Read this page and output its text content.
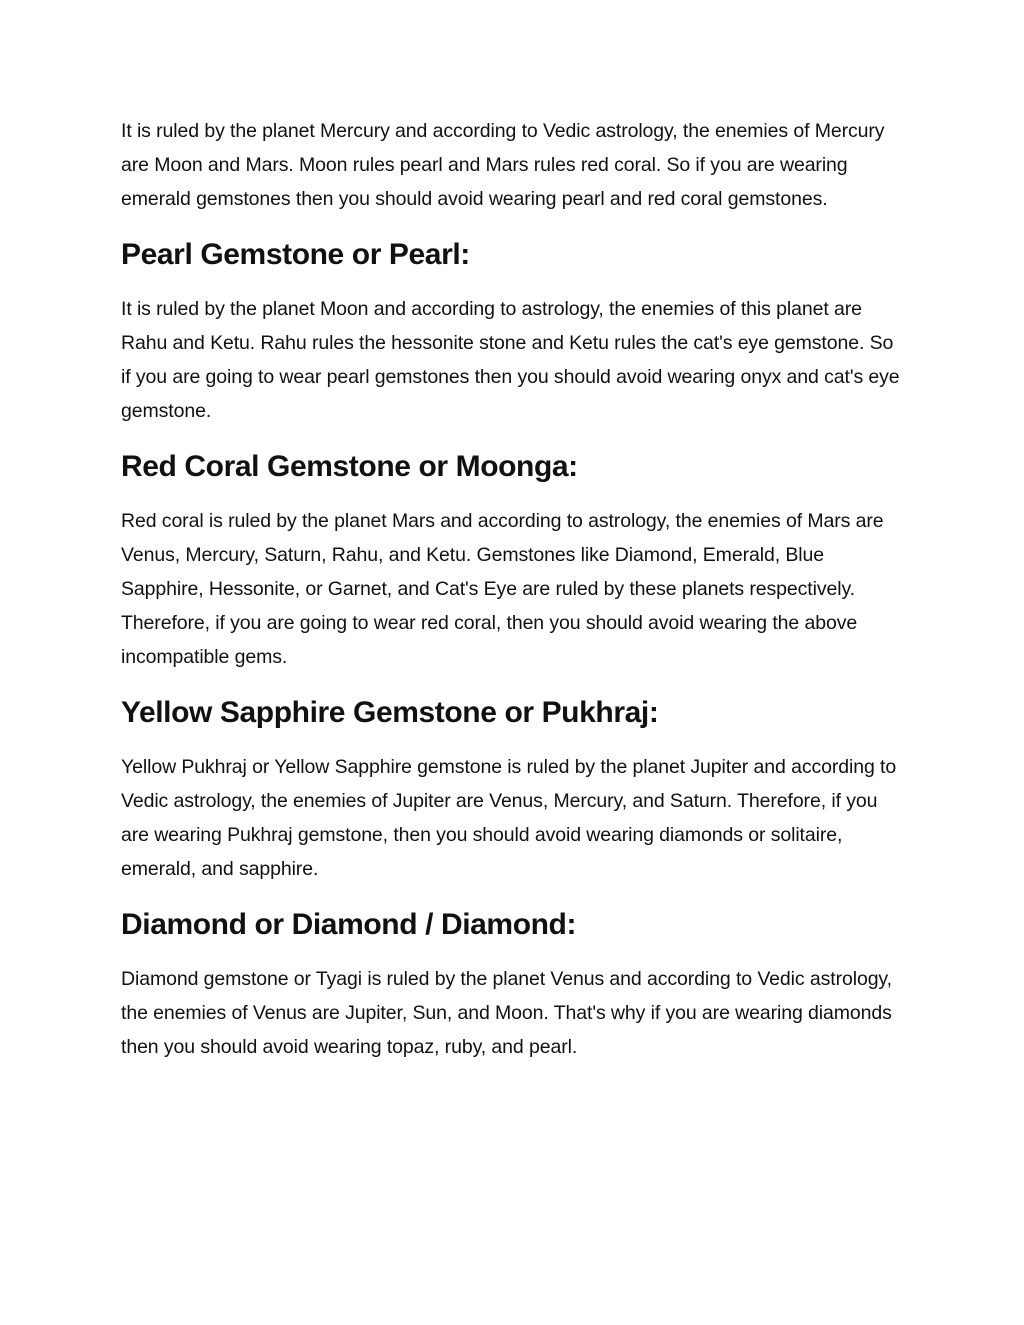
It is ruled by the planet Mercury and according to Vedic astrology, the enemies of Mercury are Moon and Mars. Moon rules pearl and Mars rules red coral. So if you are wearing emerald gemstones then you should avoid wearing pearl and red coral gemstones.

Pearl Gemstone or Pearl:

It is ruled by the planet Moon and according to astrology, the enemies of this planet are Rahu and Ketu. Rahu rules the hessonite stone and Ketu rules the cat's eye gemstone. So if you are going to wear pearl gemstones then you should avoid wearing onyx and cat's eye gemstone.

Red Coral Gemstone or Moonga:

Red coral is ruled by the planet Mars and according to astrology, the enemies of Mars are Venus, Mercury, Saturn, Rahu, and Ketu. Gemstones like Diamond, Emerald, Blue Sapphire, Hessonite, or Garnet, and Cat's Eye are ruled by these planets respectively. Therefore, if you are going to wear red coral, then you should avoid wearing the above incompatible gems.

Yellow Sapphire Gemstone or Pukhraj:

Yellow Pukhraj or Yellow Sapphire gemstone is ruled by the planet Jupiter and according to Vedic astrology, the enemies of Jupiter are Venus, Mercury, and Saturn. Therefore, if you are wearing Pukhraj gemstone, then you should avoid wearing diamonds or solitaire, emerald, and sapphire.

Diamond or Diamond / Diamond:

Diamond gemstone or Tyagi is ruled by the planet Venus and according to Vedic astrology, the enemies of Venus are Jupiter, Sun, and Moon. That's why if you are wearing diamonds then you should avoid wearing topaz, ruby, and pearl.
